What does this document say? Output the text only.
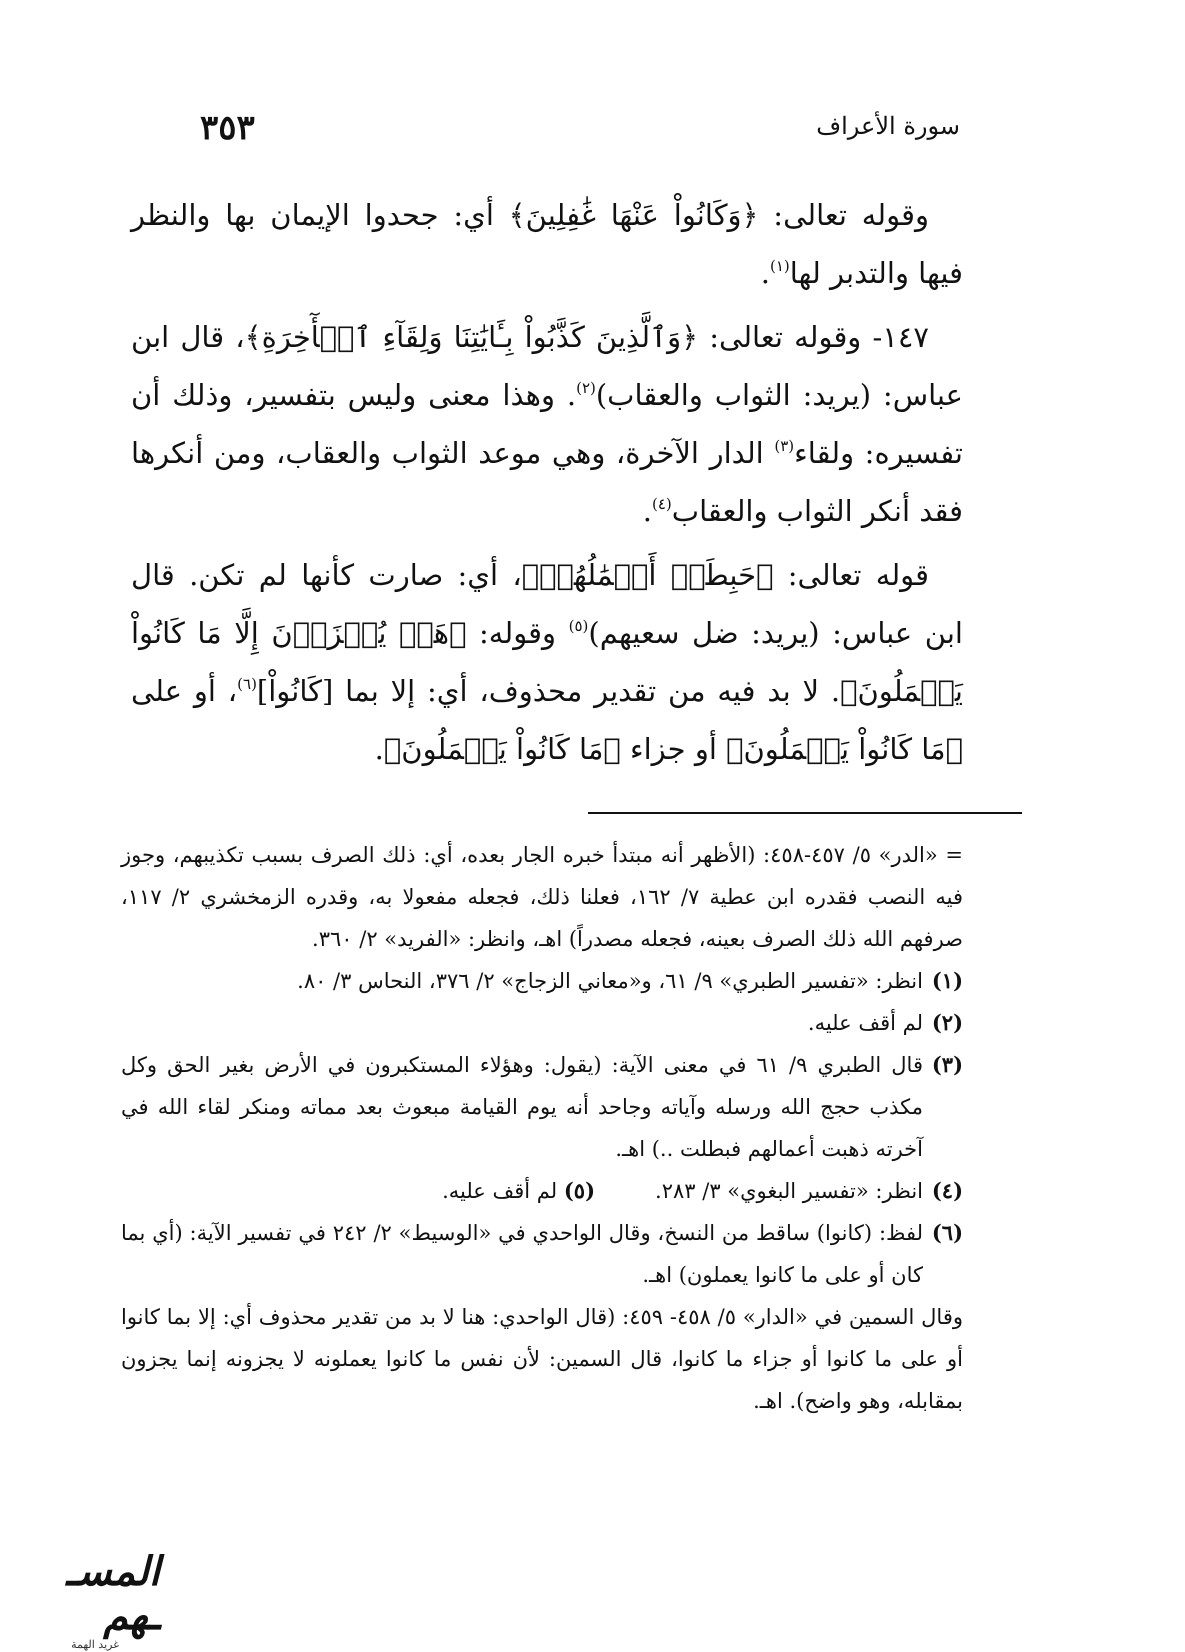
سورة الأعراف
٣٥٣

وقوله تعالى: ﴿وَكَانُواْ عَنْهَا غَٰفِلِينَ﴾ أي: جحدوا الإيمان بها والنظر فيها والتدبر لها$^{(١)}$.

١٤٧- وقوله تعالى: ﴿وَٱلَّذِينَ كَذَّبُواْ بِـَٔايَٰتِنَا وَلِقَآءِ ٱلۡأٓخِرَةِ﴾، قال ابن عباس: (يريد: الثواب والعقاب)$^{(٢)}$. وهذا معنى وليس بتفسير، وذلك أن تفسيره: ولقاء$^{(٣)}$ الدار الآخرة، وهي موعد الثواب والعقاب، ومن أنكرها فقد أنكر الثواب والعقاب$^{(٤)}$.

قوله تعالى: ﴿حَبِطَتۡ أَعۡمَٰلُهُمۡ﴾، أي: صارت كأنها لم تكن. قال ابن عباس: (يريد: ضل سعيهم)$^{(٥)}$ وقوله: ﴿هَلۡ يُجۡزَوۡنَ إِلَّا مَا كَانُواْ يَعۡمَلُونَ﴾. لا بد فيه من تقدير محذوف، أي: إلا بما [كَانُواْ]$^{(٦)}$، أو على ﴿مَا كَانُواْ يَعۡمَلُونَ﴾ أو جزاء ﴿مَا كَانُواْ يَعۡمَلُونَ﴾.

= «الدر» ٥/ ٤٥٧-٤٥٨: (الأظهر أنه مبتدأ خبره الجار بعده، أي: ذلك الصرف بسبب تكذيبهم، وجوز فيه النصب فقدره ابن عطية ٧/ ١٦٢، فعلنا ذلك، فجعله مفعولا به، وقدره الزمخشري ٢/ ١١٧، صرفهم الله ذلك الصرف بعينه، فجعله مصدراً) اهـ، وانظر: «الفريد» ٢/ ٣٦٠.

(١)
انظر: «تفسير الطبري» ٩/ ٦١، و«معاني الزجاج» ٢/ ٣٧٦، النحاس ٣/ ٨٠.

(٢)
لم أقف عليه.

(٣)
قال الطبري ٩/ ٦١ في معنى الآية: (يقول: وهؤلاء المستكبرون في الأرض بغير الحق وكل مكذب حجج الله ورسله وآياته وجاحد أنه يوم القيامة مبعوث بعد مماته ومنكر لقاء الله في آخرته ذهبت أعمالهم فبطلت ..) اهـ.

(٤)
انظر: «تفسير البغوي» ٣/ ٢٨٣.
(٥) لم أقف عليه.

(٦)
لفظ: (كانوا) ساقط من النسخ، وقال الواحدي في «الوسيط» ٢/ ٢٤٢ في تفسير الآية: (أي بما كان أو على ما كانوا يعملون) اهـ.

وقال السمين في «الدار» ٥/ ٤٥٨- ٤٥٩: (قال الواحدي: هنا لا بد من تقدير محذوف أي: إلا بما كانوا أو على ما كانوا أو جزاء ما كانوا، قال السمين: لأن نفس ما كانوا يعملونه لا يجزونه إنما يجزون بمقابله، وهو واضح). اهـ.

المسـ ـهم
غريد الهمة
